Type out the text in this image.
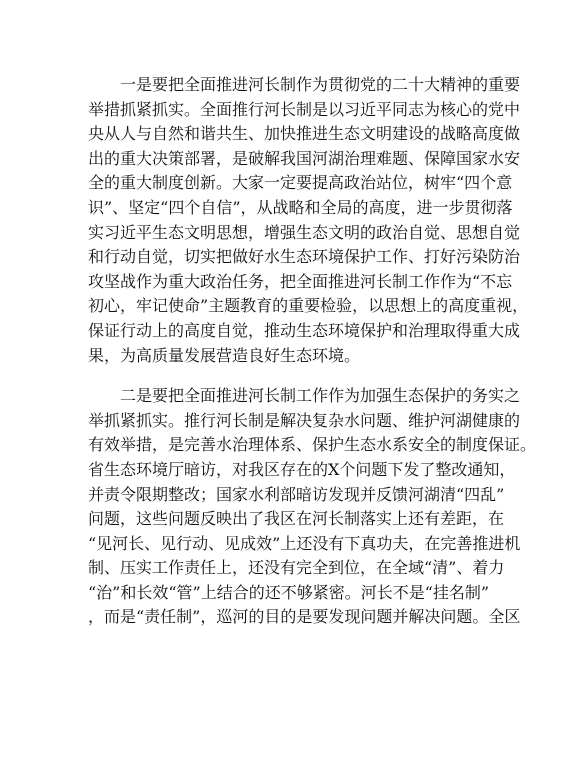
一是要把全面推进河长制作为贯彻党的二十大精神的重要
举措抓紧抓实。全面推行河长制是以习近平同志为核心的党中
央从人与自然和谐共生、加快推进生态文明建设的战略高度做
出的重大决策部署，是破解我国河湖治理难题、保障国家水安
全的重大制度创新。大家一定要提高政治站位，树牢“四个意
识”、坚定“四个自信”，从战略和全局的高度，进一步贯彻落
实习近平生态文明思想，增强生态文明的政治自觉、思想自觉
和行动自觉，切实把做好水生态环境保护工作、打好污染防治
攻坚战作为重大政治任务，把全面推进河长制工作作为“不忘
初心，牢记使命”主题教育的重要检验，以思想上的高度重视，
保证行动上的高度自觉，推动生态环境保护和治理取得重大成
果，为高质量发展营造良好生态环境。

二是要把全面推进河长制工作作为加强生态保护的务实之
举抓紧抓实。推行河长制是解决复杂水问题、维护河湖健康的
有效举措，是完善水治理体系、保护生态水系安全的制度保证。
省生态环境厅暗访，对我区存在的X个问题下发了整改通知，
并责令限期整改；国家水利部暗访发现并反馈河湖清“四乱”
问题，这些问题反映出了我区在河长制落实上还有差距，在
“见河长、见行动、见成效”上还没有下真功夫，在完善推进机
制、压实工作责任上，还没有完全到位，在全域“清”、着力
“治”和长效“管”上结合的还不够紧密。河长不是“挂名制”
，而是“责任制”，巡河的目的是要发现问题并解决问题。全区
